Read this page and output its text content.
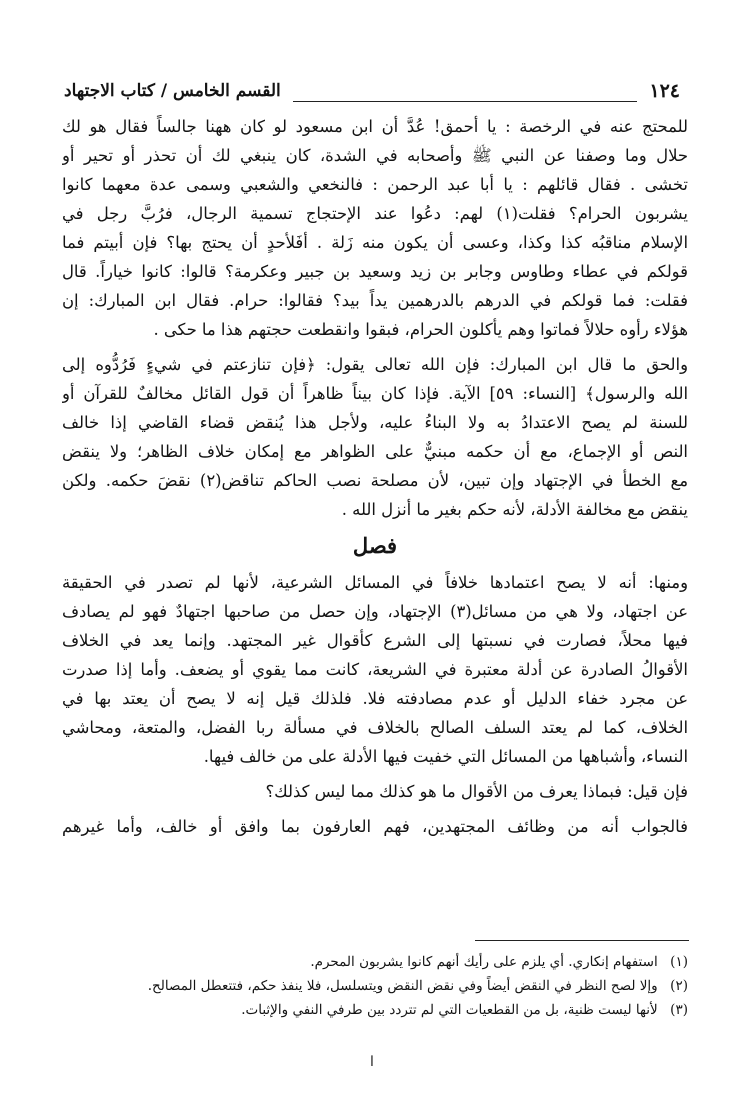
١٢٤
القسم الخامس / كتاب الاجتهاد
للمحتج عنه في الرخصة : يا أحمق! عُدَّ أن ابن مسعود لو كان ههنا جالساً فقال هو لك
حلال وما وصفنا عن النبي ﷺ وأصحابه في الشدة، كان ينبغي لك أن تحذر أو تحير أو
تخشى . فقال قائلهم : يا أبا عبد الرحمن : فالنخعي والشعبي وسمى عدة معهما كانوا
يشربون الحرام؟ فقلت(١) لهم: دعُوا عند الإحتجاج تسمية الرجال، فرُبَّ رجل في
الإسلام مناقبُه كذا وكذا، وعسى أن يكون منه زَلة . أفَلأحدٍ أن يحتج بها؟ فإن أبيتم فما
قولكم في عطاء وطاوس وجابر بن زيد وسعيد بن جبير وعكرمة؟ قالوا: كانوا خياراً. قال
فقلت: فما قولكم في الدرهم بالدرهمين يداً بيد؟ فقالوا: حرام. فقال ابن المبارك: إن
هؤلاء رأوه حلالاً فماتوا وهم يأكلون الحرام، فبقوا وانقطعت حجتهم هذا ما حكى .
والحق ما قال ابن المبارك: فإن الله تعالى يقول: ﴿فإن تنازعتم في شيءٍ فَرُدُّوه إلى
الله والرسول﴾ [النساء: ٥٩] الآية. فإذا كان بيناً ظاهراً أن قول القائل مخالفٌ للقرآن أو
للسنة لم يصح الاعتدادُ به ولا البناءُ عليه، ولأجل هذا يُنقض قضاء القاضي إذا خالف
النص أو الإجماع، مع أن حكمه مبنيٌّ على الظواهر مع إمكان خلاف الظاهر؛ ولا ينقض
مع الخطأ في الإجتهاد وإن تبين، لأن مصلحة نصب الحاكم تناقض(٢) نقضَ حكمه. ولكن
ينقض مع مخالفة الأدلة، لأنه حكم بغير ما أنزل الله .
فصل
ومنها: أنه لا يصح اعتمادها خلافاً في المسائل الشرعية، لأنها لم تصدر في الحقيقة
عن اجتهاد، ولا هي من مسائل(٣) الإجتهاد، وإن حصل من صاحبها اجتهادٌ فهو لم يصادف
فيها محلاً، فصارت في نسبتها إلى الشرع كأقوال غير المجتهد. وإنما يعد في الخلاف
الأقوالُ الصادرة عن أدلة معتبرة في الشريعة، كانت مما يقوي أو يضعف. وأما إذا صدرت
عن مجرد خفاء الدليل أو عدم مصادفته فلا. فلذلك قيل إنه لا يصح أن يعتد بها في
الخلاف، كما لم يعتد السلف الصالح بالخلاف في مسألة ربا الفضل، والمتعة، ومحاشي
النساء، وأشباهها من المسائل التي خفيت فيها الأدلة على من خالف فيها.
فإن قيل: فبماذا يعرف من الأقوال ما هو كذلك مما ليس كذلك؟
فالجواب أنه من وظائف المجتهدين، فهم العارفون بما وافق أو خالف، وأما غيرهم
(١) استفهام إنكاري. أي يلزم على رأيك أنهم كانوا يشربون المحرم.
(٢) وإلا لصح النظر في النقض أيضاً وفي نقض النقض ويتسلسل، فلا ينفذ حكم، فتتعطل المصالح.
(٣) لأنها ليست ظنية، بل من القطعيات التي لم تتردد بين طرفي النفي والإثبات.
ا
